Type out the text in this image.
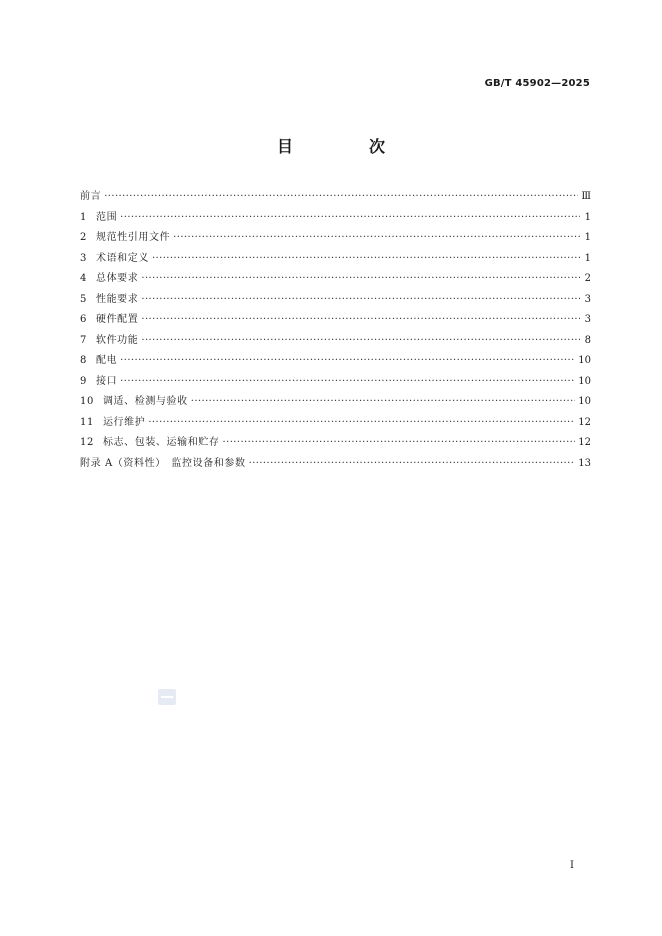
GB/T 45902—2025
目　次
前言 ·····	Ⅲ
1 范围 ·····	1
2 规范性引用文件 ·····	1
3 术语和定义 ·····	1
4 总体要求 ·····	2
5 性能要求 ·····	3
6 硬件配置 ·····	3
7 软件功能 ·····	8
8 配电 ·····	10
9 接口 ·····	10
10 调适、检测与验收 ·····	10
11 运行维护 ·····	12
12 标志、包装、运输和贮存 ·····	12
附录 A（资料性）　监控设备和参数 ·····	13
I
